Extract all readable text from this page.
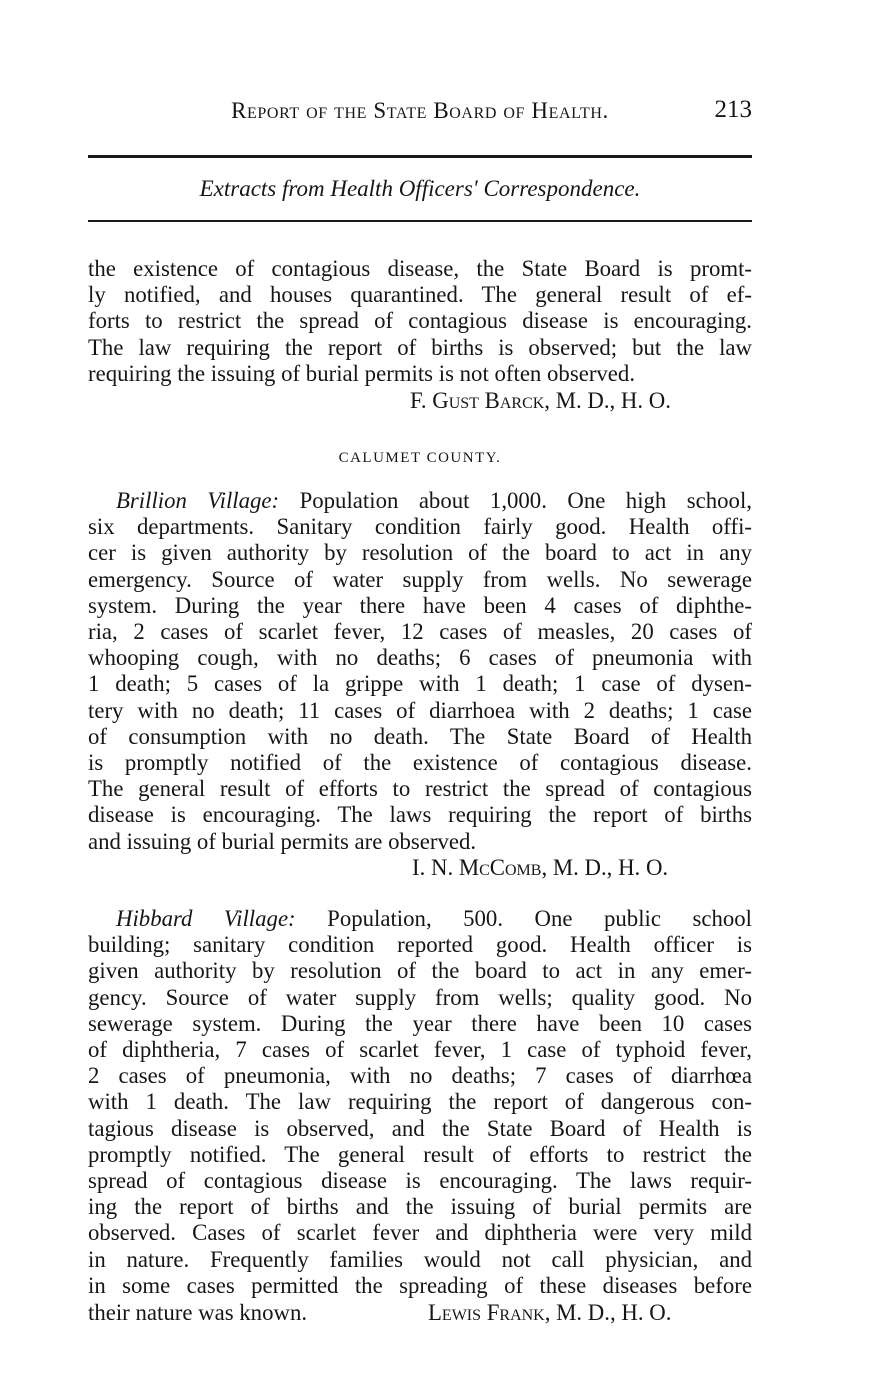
Report of the State Board of Health.	213
Extracts from Health Officers' Correspondence.
the existence of contagious disease, the State Board is promt-
ly notified, and houses quarantined. The general result of ef-
forts to restrict the spread of contagious disease is encouraging.
The law requiring the report of births is observed; but the law
requiring the issuing of burial permits is not often observed.
F. Gust Barck, M. D., H. O.
CALUMET COUNTY.
Brillion Village: Population about 1,000. One high school,
six departments. Sanitary condition fairly good. Health offi-
cer is given authority by resolution of the board to act in any
emergency. Source of water supply from wells. No sewerage
system. During the year there have been 4 cases of diphthe-
ria, 2 cases of scarlet fever, 12 cases of measles, 20 cases of
whooping cough, with no deaths; 6 cases of pneumonia with
1 death; 5 cases of la grippe with 1 death; 1 case of dysen-
tery with no death; 11 cases of diarrhoea with 2 deaths; 1 case
of consumption with no death. The State Board of Health
is promptly notified of the existence of contagious disease.
The general result of efforts to restrict the spread of contagious
disease is encouraging. The laws requiring the report of births
and issuing of burial permits are observed.
I. N. McComb, M. D., H. O.
Hibbard Village: Population, 500. One public school
building; sanitary condition reported good. Health officer is
given authority by resolution of the board to act in any emer-
gency. Source of water supply from wells; quality good. No
sewerage system. During the year there have been 10 cases
of diphtheria, 7 cases of scarlet fever, 1 case of typhoid fever,
2 cases of pneumonia, with no deaths; 7 cases of diarrhœa
with 1 death. The law requiring the report of dangerous con-
tagious disease is observed, and the State Board of Health is
promptly notified. The general result of efforts to restrict the
spread of contagious disease is encouraging. The laws requir-
ing the report of births and the issuing of burial permits are
observed. Cases of scarlet fever and diphtheria were very mild
in nature. Frequently families would not call physician, and
in some cases permitted the spreading of these diseases before
their nature was known.	Lewis Frank, M. D., H. O.
